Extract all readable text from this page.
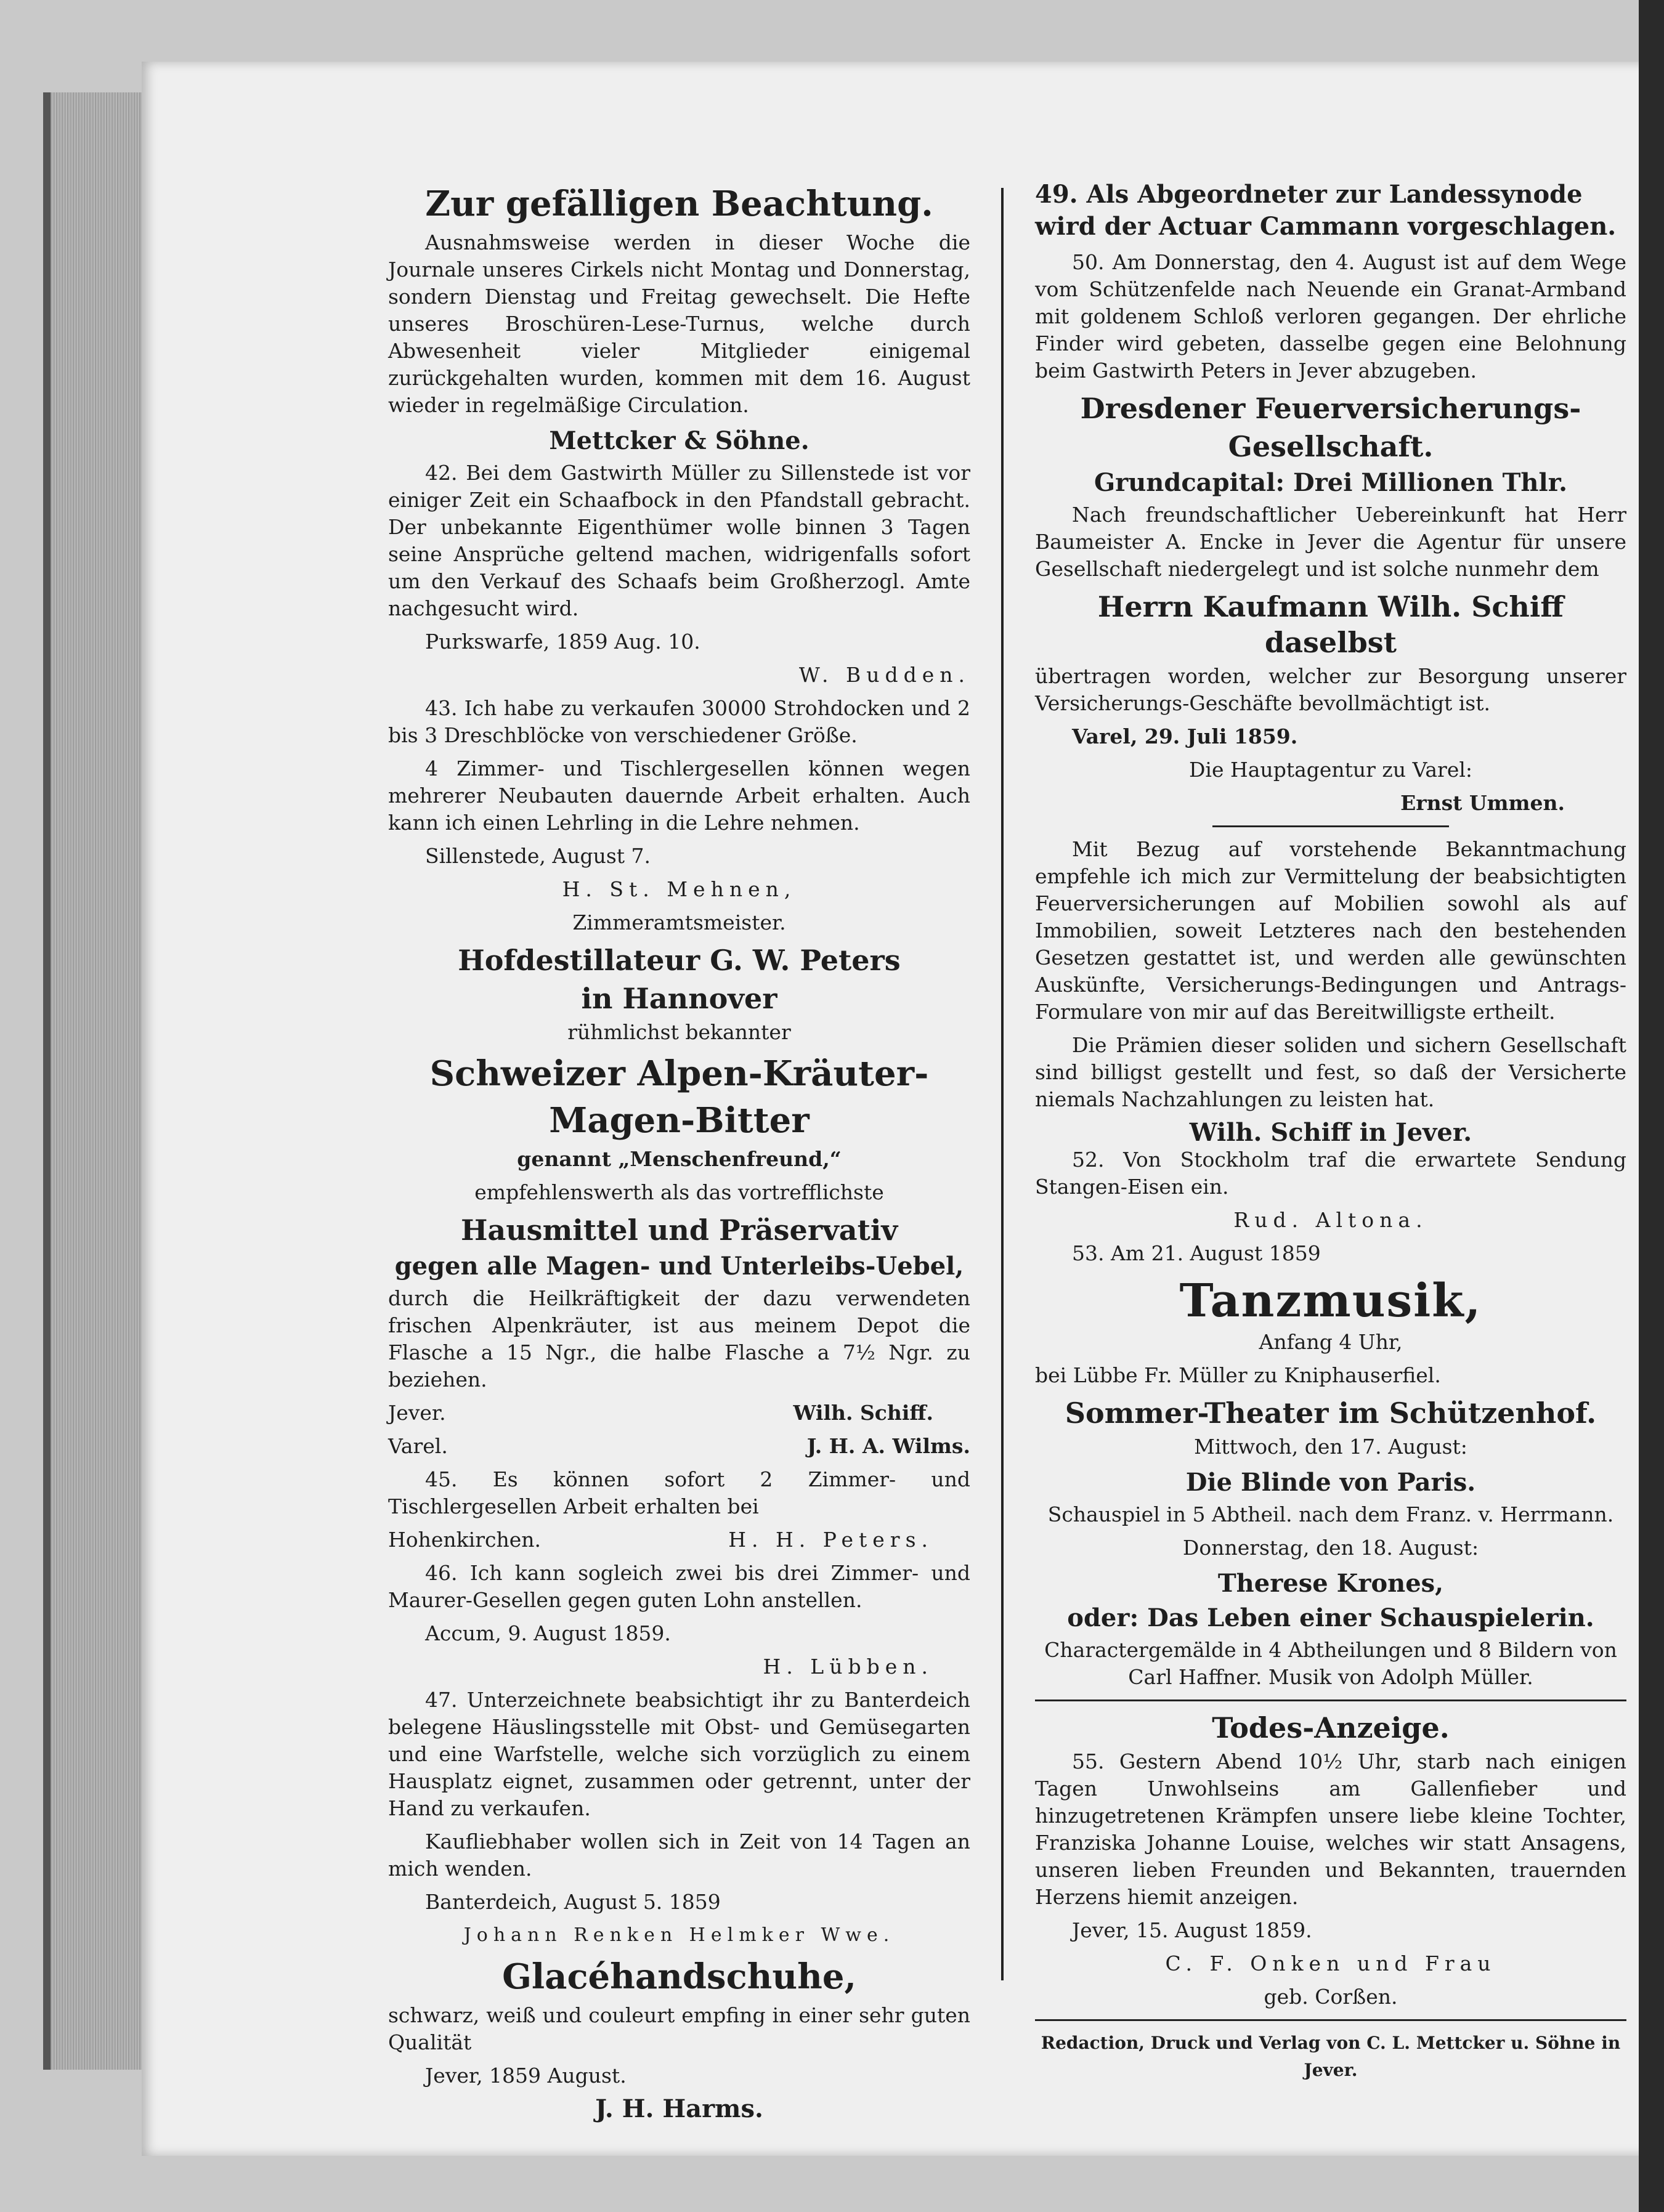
Zur gefälligen Beachtung.

Ausnahmsweise werden in dieser Woche die Journale unseres Cirkels nicht Montag und Donnerstag, sondern Dienstag und Freitag gewechselt. Die Hefte unseres Broschüren-Lese-Turnus, welche durch Abwesenheit vieler Mitglieder einigemal zurückgehalten wurden, kommen mit dem 16. August wieder in regelmäßige Circulation.

Mettcker & Söhne.

42. Bei dem Gastwirth Müller zu Sillenstede ist vor einiger Zeit ein Schaafbock in den Pfandstall gebracht. Der unbekannte Eigenthümer wolle binnen 3 Tagen seine Ansprüche geltend machen, widrigenfalls sofort um den Verkauf des Schaafs beim Großherzogl. Amte nachgesucht wird.

Purkswarfe, 1859 Aug. 10.

W. Budden.

43. Ich habe zu verkaufen 30000 Strohdocken und 2 bis 3 Dreschblöcke von verschiedener Größe.

4 Zimmer- und Tischlergesellen können wegen mehrerer Neubauten dauernde Arbeit erhalten. Auch kann ich einen Lehrling in die Lehre nehmen.

Sillenstede, August 7.

H. St. Mehnen,

Zimmeramtsmeister.

Hofdestillateur G. W. Peters
in Hannover

rühmlichst bekannter

Schweizer Alpen-Kräuter-
Magen-Bitter

genannt „Menschenfreund,“

empfehlenswerth als das vortrefflichste

Hausmittel und Präservativ
gegen alle Magen- und Unterleibs-Uebel,

durch die Heilkräftigkeit der dazu verwendeten frischen Alpenkräuter, ist aus meinem Depot die Flasche a 15 Ngr., die halbe Flasche a 7½ Ngr. zu beziehen.

Jever.	Wilh. Schiff.

Varel.	J. H. A. Wilms.

45. Es können sofort 2 Zimmer- und Tischlergesellen Arbeit erhalten bei

Hohenkirchen.	H. H. Peters.

46. Ich kann sogleich zwei bis drei Zimmer- und Maurer-Gesellen gegen guten Lohn anstellen.

Accum, 9. August 1859.

H. Lübben.

47. Unterzeichnete beabsichtigt ihr zu Banterdeich belegene Häuslingsstelle mit Obst- und Gemüsegarten und eine Warfstelle, welche sich vorzüglich zu einem Hausplatz eignet, zusammen oder getrennt, unter der Hand zu verkaufen.

Kaufliebhaber wollen sich in Zeit von 14 Tagen an mich wenden.

Banterdeich, August 5. 1859

Johann Renken Helmker Wwe.

Glacéhandschuhe,

schwarz, weiß und couleurt empfing in einer sehr guten Qualität

Jever, 1859 August.

J. H. Harms.

49. Als Abgeordneter zur Landessynode wird der Actuar Cammann vorgeschlagen.

50. Am Donnerstag, den 4. August ist auf dem Wege vom Schützenfelde nach Neuende ein Granat-Armband mit goldenem Schloß verloren gegangen. Der ehrliche Finder wird gebeten, dasselbe gegen eine Belohnung beim Gastwirth Peters in Jever abzugeben.

Dresdener Feuerversicherungs-
Gesellschaft.
Grundcapital: Drei Millionen Thlr.

Nach freundschaftlicher Uebereinkunft hat Herr Baumeister A. Encke in Jever die Agentur für unsere Gesellschaft niedergelegt und ist solche nunmehr dem

Herrn Kaufmann Wilh. Schiff daselbst

übertragen worden, welcher zur Besorgung unserer Versicherungs-Geschäfte bevollmächtigt ist.

Varel, 29. Juli 1859.

Die Hauptagentur zu Varel:

Ernst Ummen.

Mit Bezug auf vorstehende Bekanntmachung empfehle ich mich zur Vermittelung der beabsichtigten Feuerversicherungen auf Mobilien sowohl als auf Immobilien, soweit Letzteres nach den bestehenden Gesetzen gestattet ist, und werden alle gewünschten Auskünfte, Versicherungs-Bedingungen und Antrags-Formulare von mir auf das Bereitwilligste ertheilt.

Die Prämien dieser soliden und sichern Gesellschaft sind billigst gestellt und fest, so daß der Versicherte niemals Nachzahlungen zu leisten hat.

Wilh. Schiff in Jever.

52. Von Stockholm traf die erwartete Sendung Stangen-Eisen ein.

Rud. Altona.

53. Am 21. August 1859

Tanzmusik,

Anfang 4 Uhr,

bei Lübbe Fr. Müller zu Kniphauserfiel.

Sommer-Theater im Schützenhof.

Mittwoch, den 17. August:

Die Blinde von Paris.

Schauspiel in 5 Abtheil. nach dem Franz. v. Herrmann.

Donnerstag, den 18. August:

Therese Krones,
oder: Das Leben einer Schauspielerin.

Charactergemälde in 4 Abtheilungen und 8 Bildern von Carl Haffner. Musik von Adolph Müller.

Todes-Anzeige.

55. Gestern Abend 10½ Uhr, starb nach einigen Tagen Unwohlseins am Gallenfieber und hinzugetretenen Krämpfen unsere liebe kleine Tochter, Franziska Johanne Louise, welches wir statt Ansagens, unseren lieben Freunden und Bekannten, trauernden Herzens hiemit anzeigen.

Jever, 15. August 1859.

C. F. Onken und Frau

geb. Corßen.

Redaction, Druck und Verlag von C. L. Mettcker u. Söhne in Jever.
